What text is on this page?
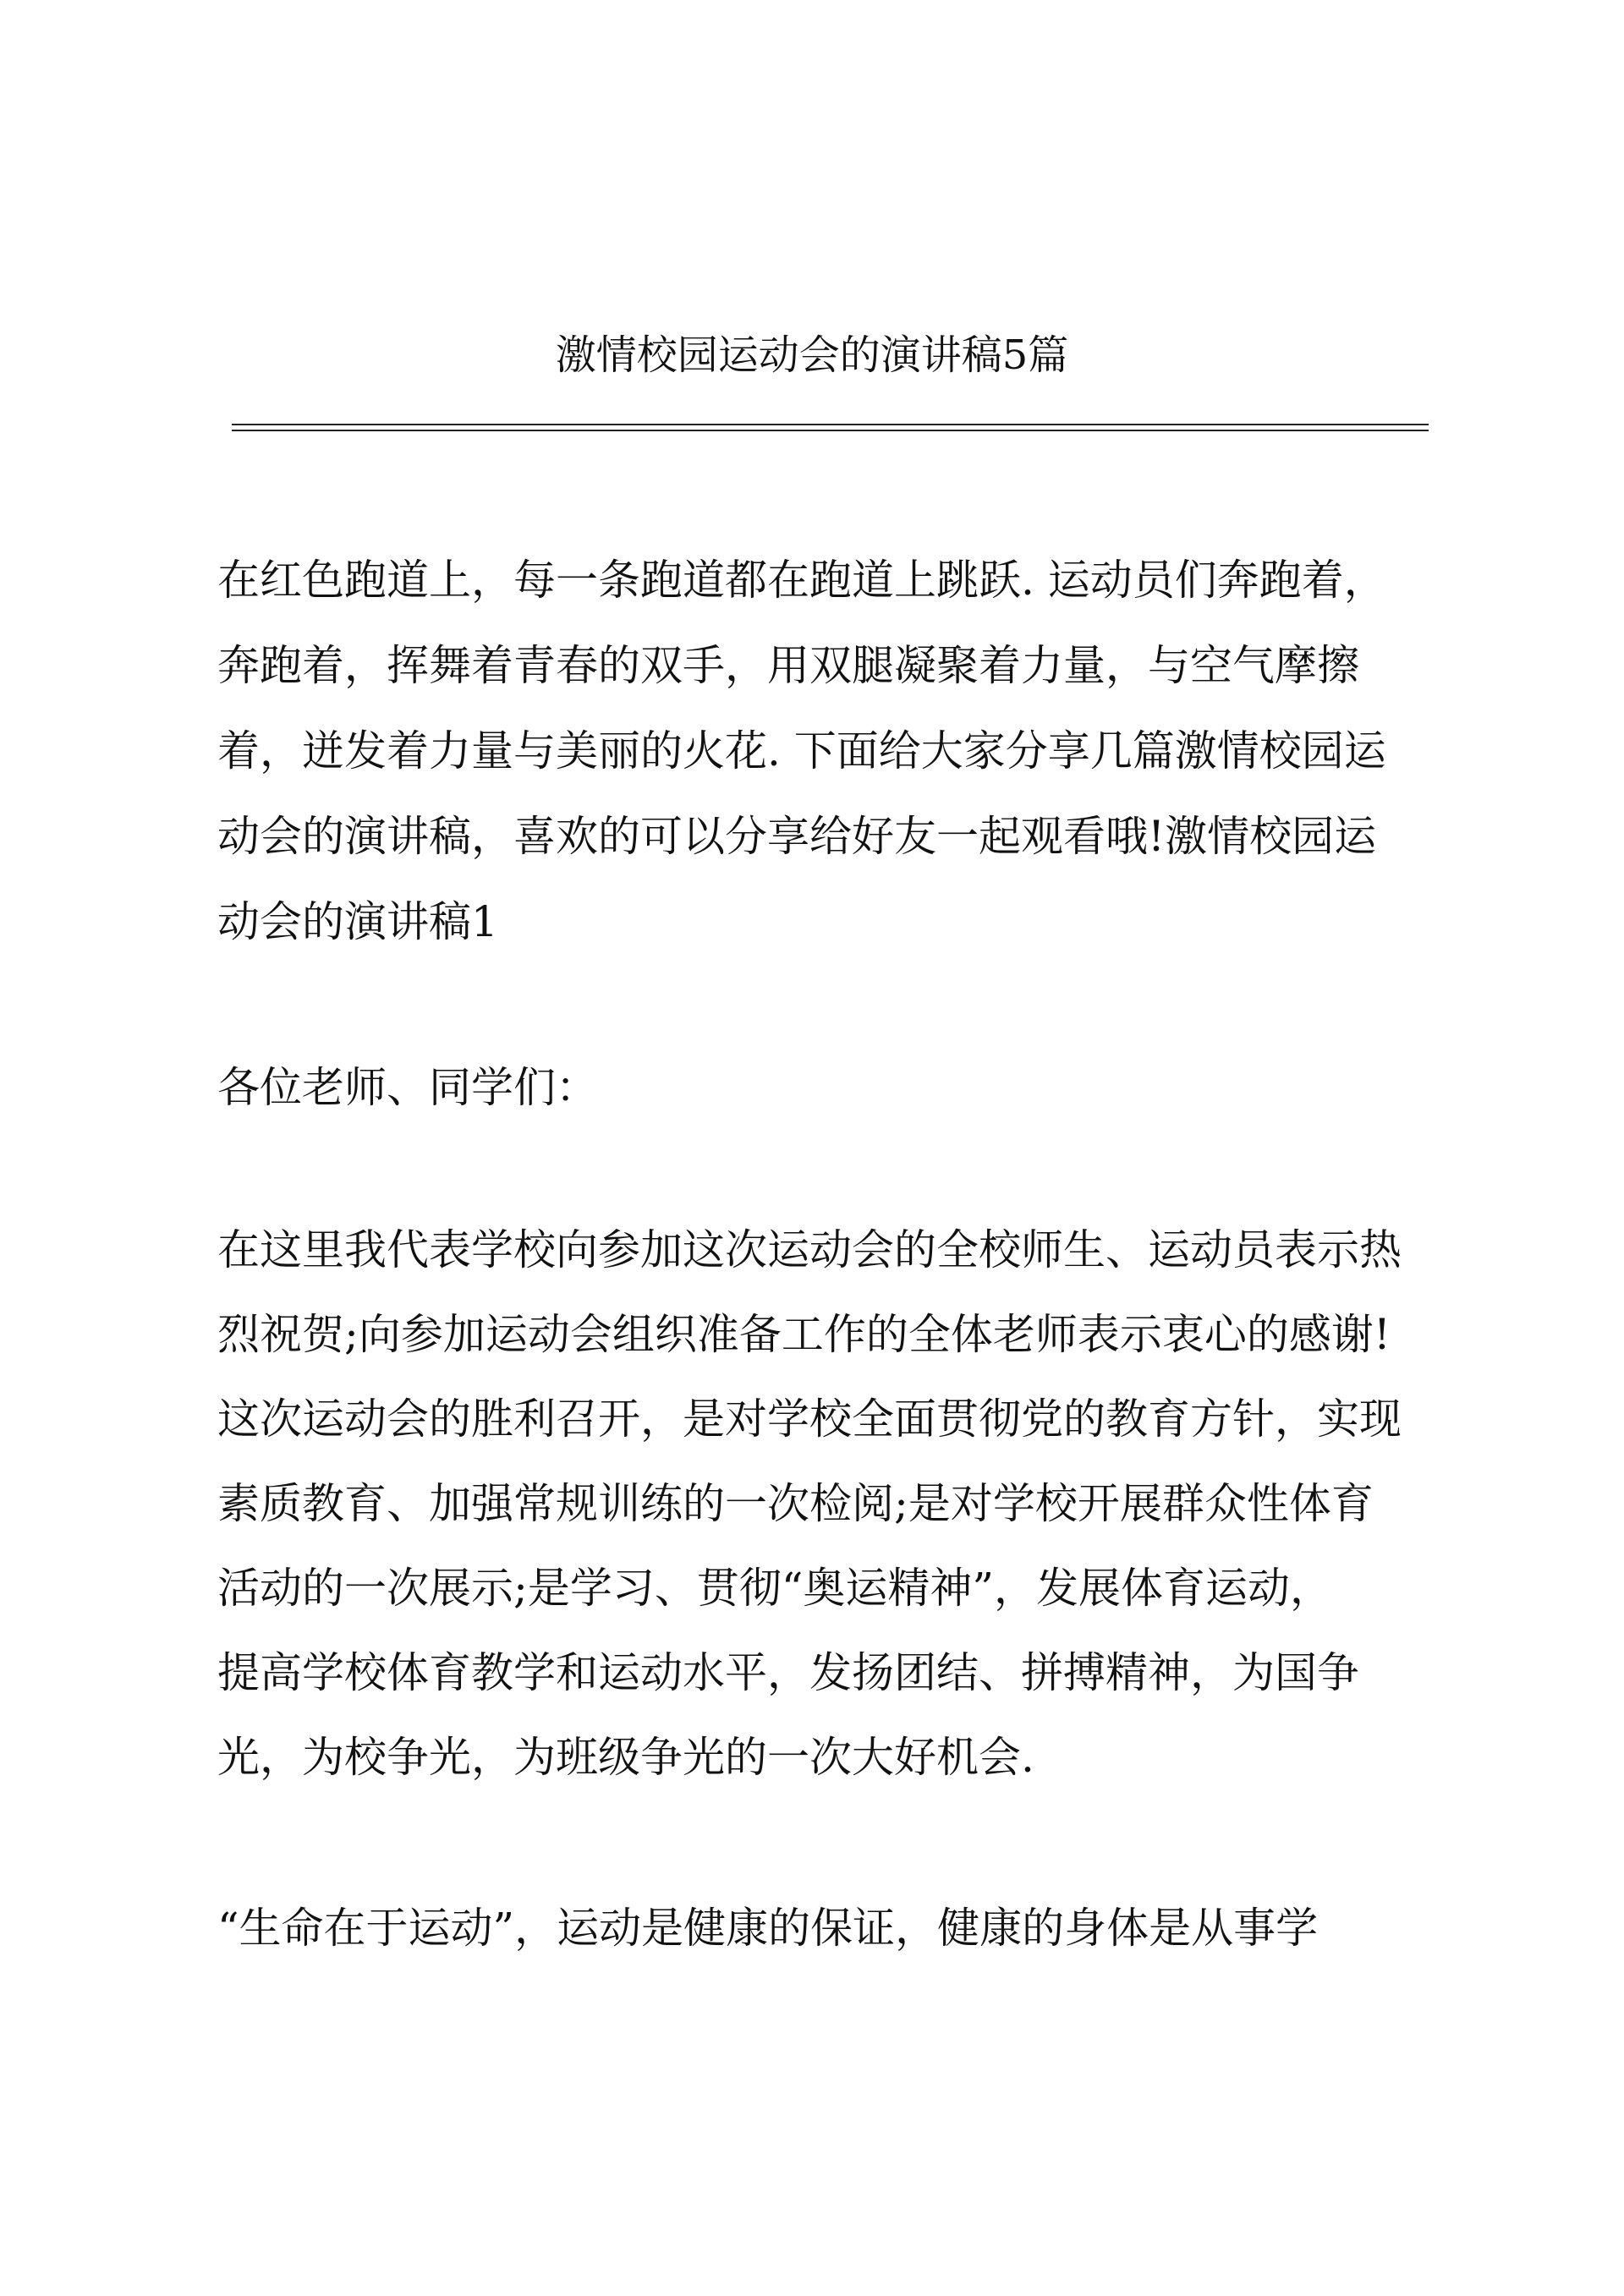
激情校园运动会的演讲稿5篇
在红色跑道上，每一条跑道都在跑道上跳跃. 运动员们奔跑着，
奔跑着，挥舞着青春的双手，用双腿凝聚着力量，与空气摩擦
着，迸发着力量与美丽的火花. 下面给大家分享几篇激情校园运
动会的演讲稿，喜欢的可以分享给好友一起观看哦!激情校园运
动会的演讲稿1
各位老师、同学们：
在这里我代表学校向参加这次运动会的全校师生、运动员表示热
烈祝贺;向参加运动会组织准备工作的全体老师表示衷心的感谢!
这次运动会的胜利召开，是对学校全面贯彻党的教育方针，实现
素质教育、加强常规训练的一次检阅;是对学校开展群众性体育
活动的一次展示;是学习、贯彻“奥运精神”，发展体育运动，
提高学校体育教学和运动水平，发扬团结、拼搏精神，为国争
光，为校争光，为班级争光的一次大好机会.
“生命在于运动”，运动是健康的保证，健康的身体是从事学
